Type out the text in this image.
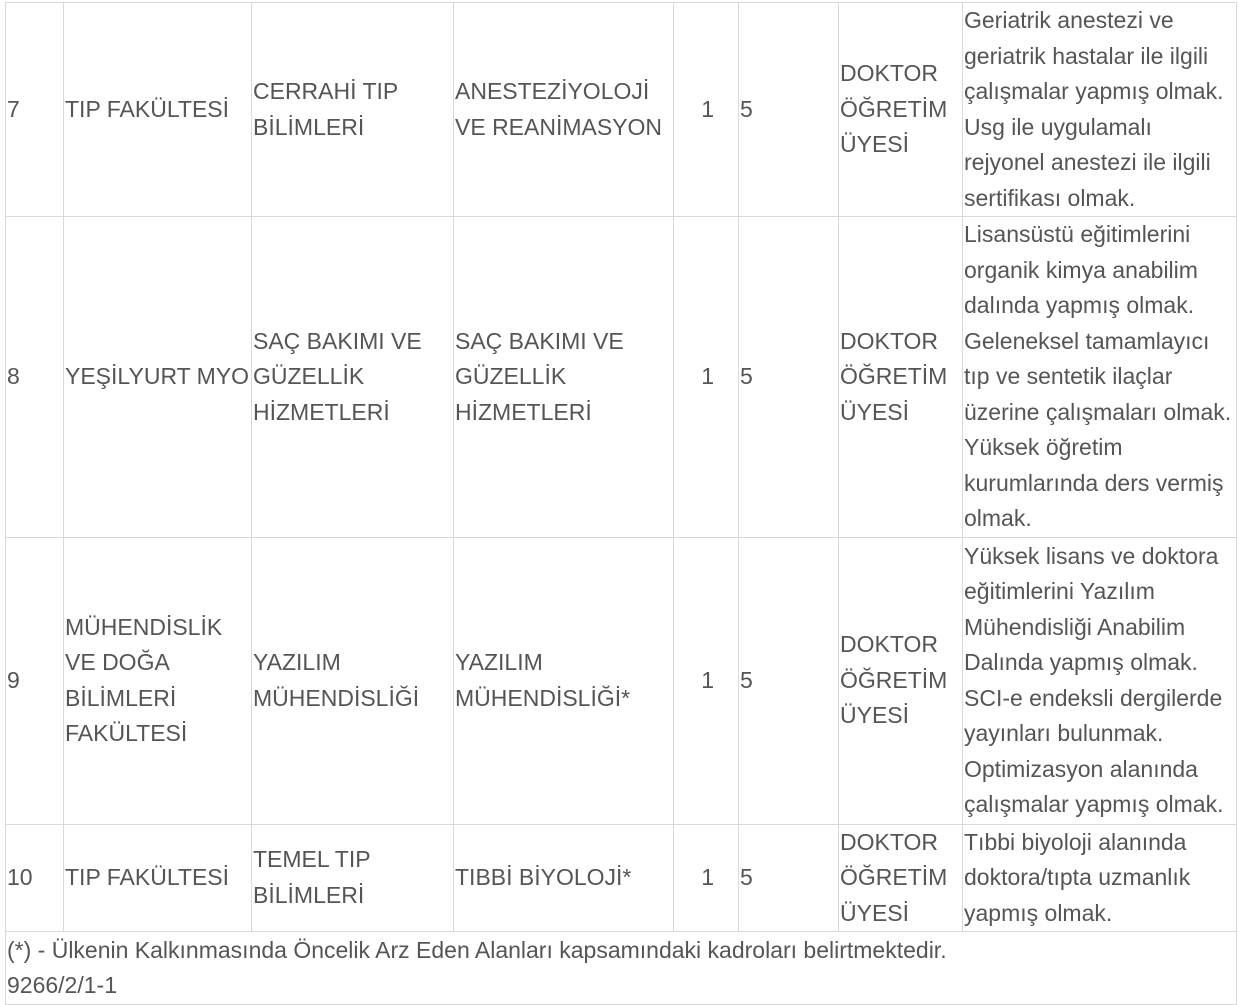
7	TIP FAKÜLTESİ	CERRAHİ TIP BİLİMLERİ	ANESTEZİYOLOJİ VE REANİMASYON	1	5	DOKTOR ÖĞRETİM ÜYESİ	Geriatrik anestezi ve geriatrik hastalar ile ilgili çalışmalar yapmış olmak. Usg ile uygulamalı rejyonel anestezi ile ilgili sertifikası olmak.
8	YEŞİLYURT MYO	SAÇ BAKIMI VE GÜZELLİK HİZMETLERİ	SAÇ BAKIMI VE GÜZELLİK HİZMETLERİ	1	5	DOKTOR ÖĞRETİM ÜYESİ	Lisansüstü eğitimlerini organik kimya anabilim dalında yapmış olmak. Geleneksel tamamlayıcı tıp ve sentetik ilaçlar üzerine çalışmaları olmak. Yüksek öğretim kurumlarında ders vermiş olmak.
9	MÜHENDİSLİK VE DOĞA BİLİMLERİ FAKÜLTESİ	YAZILIM MÜHENDİSLİĞİ	YAZILIM MÜHENDİSLİĞİ*	1	5	DOKTOR ÖĞRETİM ÜYESİ	Yüksek lisans ve doktora eğitimlerini Yazılım Mühendisliği Anabilim Dalında yapmış olmak. SCI-e endeksli dergilerde yayınları bulunmak. Optimizasyon alanında çalışmalar yapmış olmak.
10	TIP FAKÜLTESİ	TEMEL TIP BİLİMLERİ	TIBBİ BİYOLOJİ*	1	5	DOKTOR ÖĞRETİM ÜYESİ	Tıbbi biyoloji alanında doktora/tıpta uzmanlık yapmış olmak.

(*) - Ülkenin Kalkınmasında Öncelik Arz Eden Alanları kapsamındaki kadroları belirtmektedir.
9266/2/1-1							
